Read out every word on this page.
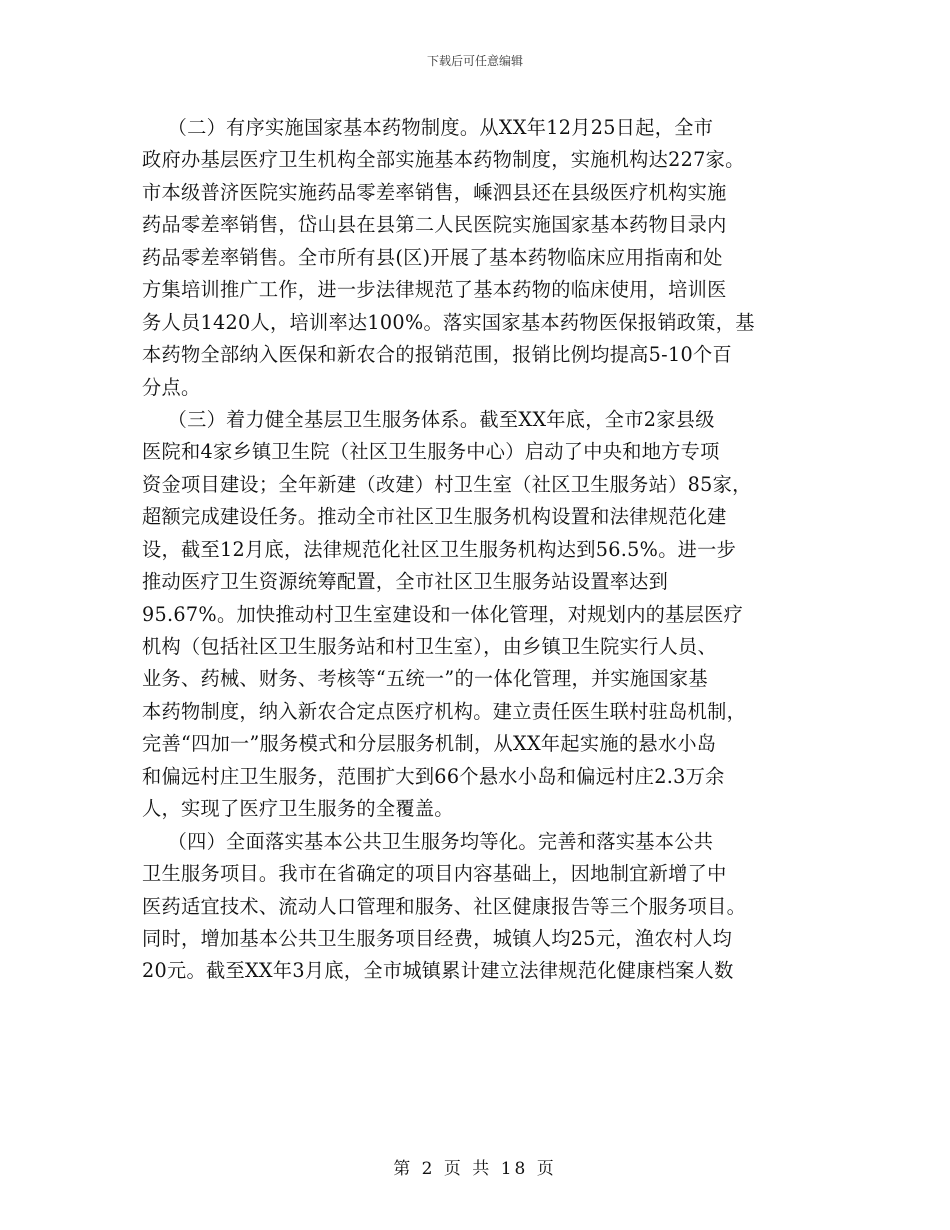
下载后可任意编辑
（二）有序实施国家基本药物制度。从XX年12月25日起，全市
政府办基层医疗卫生机构全部实施基本药物制度，实施机构达227家。
市本级普济医院实施药品零差率销售，嵊泗县还在县级医疗机构实施
药品零差率销售，岱山县在县第二人民医院实施国家基本药物目录内
药品零差率销售。全市所有县(区)开展了基本药物临床应用指南和处
方集培训推广工作，进一步法律规范了基本药物的临床使用，培训医
务人员1420人，培训率达100%。落实国家基本药物医保报销政策，基
本药物全部纳入医保和新农合的报销范围，报销比例均提高5-10个百
分点。
（三）着力健全基层卫生服务体系。截至XX年底，全市2家县级
医院和4家乡镇卫生院（社区卫生服务中心）启动了中央和地方专项
资金项目建设；全年新建（改建）村卫生室（社区卫生服务站）85家，
超额完成建设任务。推动全市社区卫生服务机构设置和法律规范化建
设，截至12月底，法律规范化社区卫生服务机构达到56.5%。进一步
推动医疗卫生资源统筹配置，全市社区卫生服务站设置率达到
95.67%。加快推动村卫生室建设和一体化管理，对规划内的基层医疗
机构（包括社区卫生服务站和村卫生室），由乡镇卫生院实行人员、
业务、药械、财务、考核等“五统一”的一体化管理，并实施国家基
本药物制度，纳入新农合定点医疗机构。建立责任医生联村驻岛机制，
完善“四加一”服务模式和分层服务机制，从XX年起实施的悬水小岛
和偏远村庄卫生服务，范围扩大到66个悬水小岛和偏远村庄2.3万余
人，实现了医疗卫生服务的全覆盖。
（四）全面落实基本公共卫生服务均等化。完善和落实基本公共
卫生服务项目。我市在省确定的项目内容基础上，因地制宜新增了中
医药适宜技术、流动人口管理和服务、社区健康报告等三个服务项目。
同时，增加基本公共卫生服务项目经费，城镇人均25元，渔农村人均
20元。截至XX年3月底，全市城镇累计建立法律规范化健康档案人数
第 2 页 共 18 页
